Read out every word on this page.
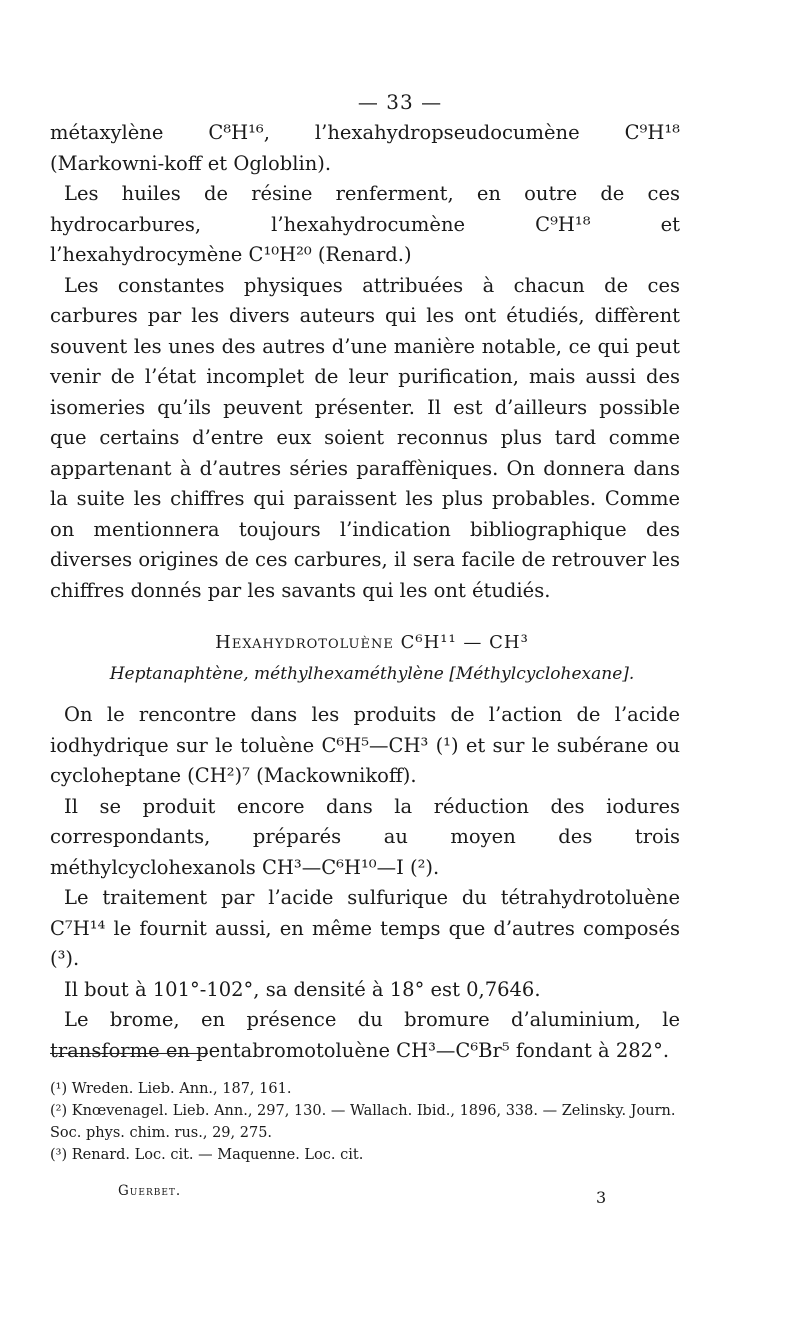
— 33 —

métaxylène C⁸H¹⁶, l’hexahydropseudocumène C⁹H¹⁸ (Markowni-koff et Ogloblin).

Les huiles de résine renferment, en outre de ces hydrocarbures, l’hexahydrocumène C⁹H¹⁸ et l’hexahydrocymène C¹⁰H²⁰ (Renard.)

Les constantes physiques attribuées à chacun de ces carbures par les divers auteurs qui les ont étudiés, diffèrent souvent les unes des autres d’une manière notable, ce qui peut venir de l’état incomplet de leur purification, mais aussi des isomeries qu’ils peuvent présenter. Il est d’ailleurs possible que certains d’entre eux soient reconnus plus tard comme appartenant à d’autres séries paraffèniques. On donnera dans la suite les chiffres qui paraissent les plus probables. Comme on mentionnera toujours l’indication bibliographique des diverses origines de ces carbures, il sera facile de retrouver les chiffres donnés par les savants qui les ont étudiés.

Hexahydrotoluène C⁶H¹¹ — CH³

Heptanaphtène, méthylhexaméthylène [Méthylcyclohexane].

On le rencontre dans les produits de l’action de l’acide iodhydrique sur le toluène C⁶H⁵—CH³ (¹) et sur le subérane ou cycloheptane (CH²)⁷ (Mackownikoff).

Il se produit encore dans la réduction des iodures correspondants, préparés au moyen des trois méthylcyclohexanols CH³—C⁶H¹⁰—I (²).

Le traitement par l’acide sulfurique du tétrahydrotoluène C⁷H¹⁴ le fournit aussi, en même temps que d’autres composés (³).

Il bout à 101°-102°, sa densité à 18° est 0,7646.

Le brome, en présence du bromure d’aluminium, le transforme en pentabromotoluène CH³—C⁶Br⁵ fondant à 282°.

(¹) Wreden. Lieb. Ann., 187, 161.
(²) Knœvenagel. Lieb. Ann., 297, 130. — Wallach. Ibid., 1896, 338. — Zelinsky. Journ. Soc. phys. chim. rus., 29, 275.
(³) Renard. Loc. cit. — Maquenne. Loc. cit.
Guerbet.	3
